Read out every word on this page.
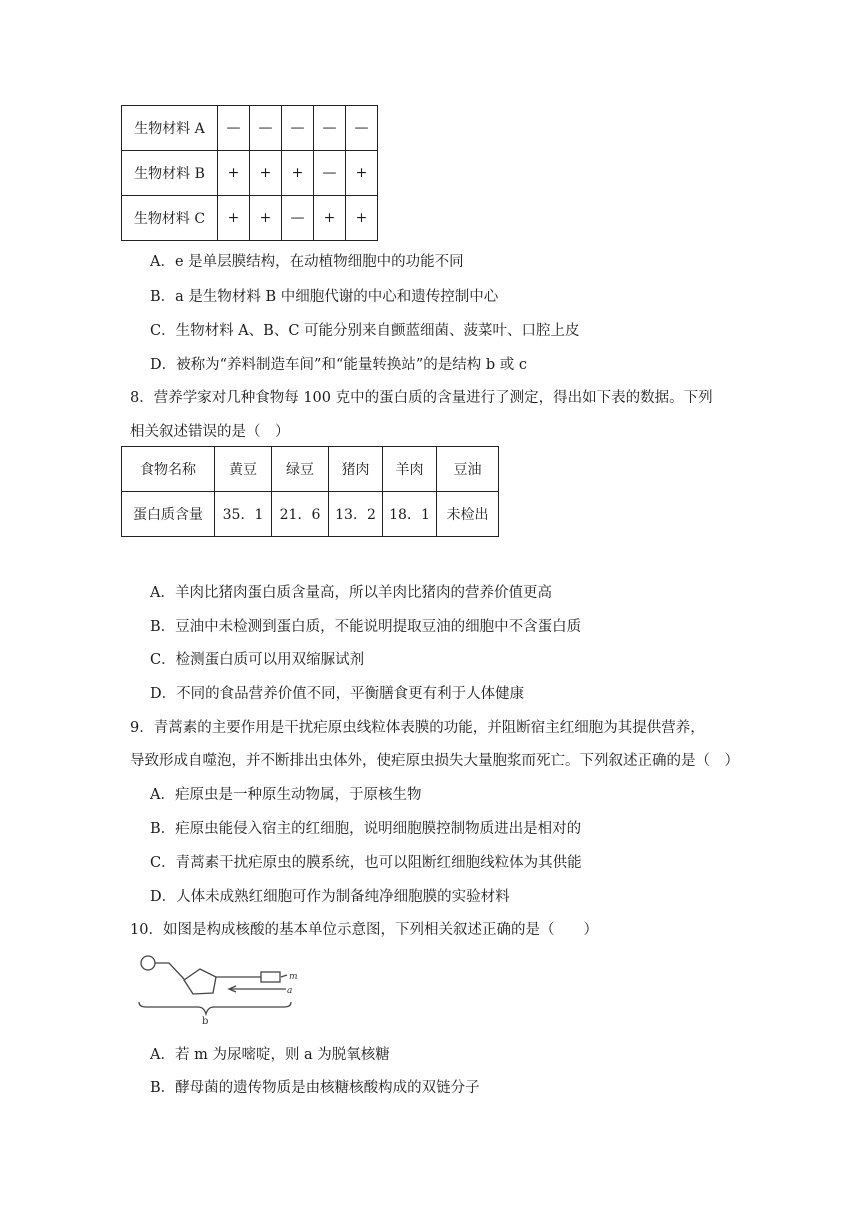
生物材料 A	—	—	—	—	—
生物材料 B	+	+	+	—	+
生物材料 C	+	+	—	+	+
A．e 是单层膜结构，在动植物细胞中的功能不同
B．a 是生物材料 B 中细胞代谢的中心和遗传控制中心
C．生物材料 A、B、C 可能分别来自颤蓝细菌、菠菜叶、口腔上皮
D．被称为“养料制造车间”和“能量转换站”的是结构 b 或 c
8．营养学家对几种食物每 100 克中的蛋白质的含量进行了测定，得出如下表的数据。下列
相关叙述错误的是（　）
食物名称	黄豆	绿豆	猪肉	羊肉	豆油
蛋白质含量	35．1	21．6	13．2	18．1	未检出
A．羊肉比猪肉蛋白质含量高，所以羊肉比猪肉的营养价值更高
B．豆油中未检测到蛋白质，不能说明提取豆油的细胞中不含蛋白质
C．检测蛋白质可以用双缩脲试剂
D．不同的食品营养价值不同，平衡膳食更有利于人体健康
9．青蒿素的主要作用是干扰疟原虫线粒体表膜的功能，并阻断宿主红细胞为其提供营养，
导致形成自噬泡，并不断排出虫体外，使疟原虫损失大量胞浆而死亡。下列叙述正确的是（　）
A．疟原虫是一种原生动物属，于原核生物
B．疟原虫能侵入宿主的红细胞，说明细胞膜控制物质进出是相对的
C．青蒿素干扰疟原虫的膜系统，也可以阻断红细胞线粒体为其供能
D．人体未成熟红细胞可作为制备纯净细胞膜的实验材料
10．如图是构成核酸的基本单位示意图，下列相关叙述正确的是（　　）
m
a
b
A．若 m 为尿嘧啶，则 a 为脱氧核糖
B．酵母菌的遗传物质是由核糖核酸构成的双链分子
